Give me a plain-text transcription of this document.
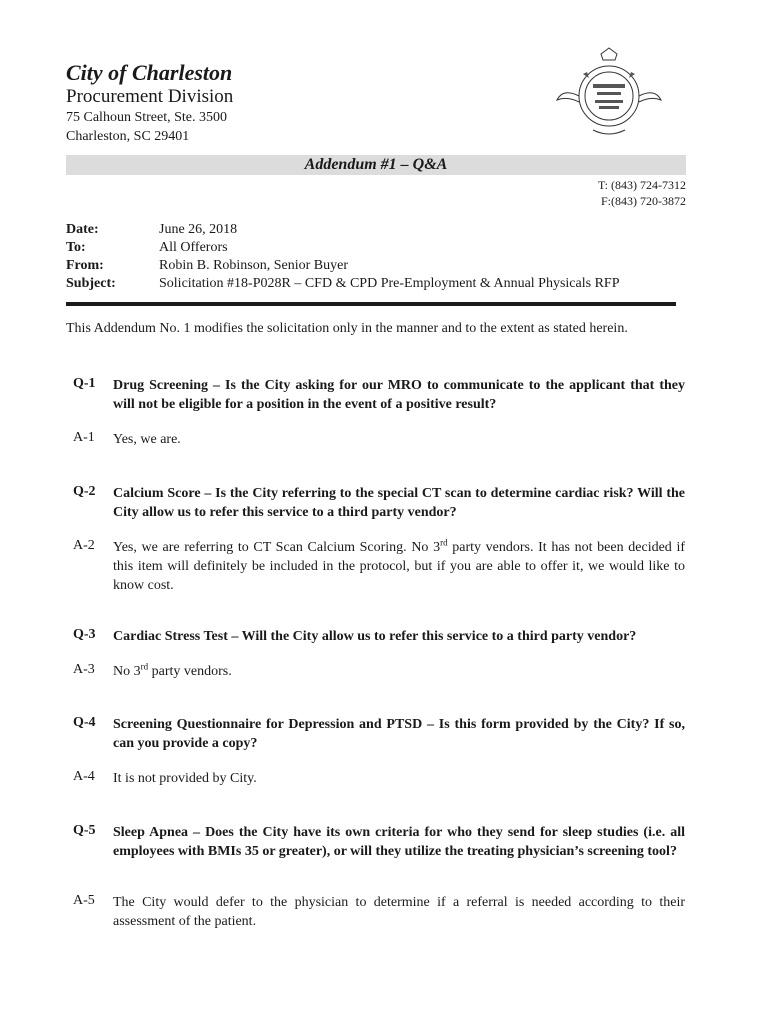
City of Charleston
Procurement Division
75 Calhoun Street, Ste. 3500
Charleston, SC 29401
Addendum #1 – Q&A
T: (843) 724-7312
F:(843) 720-3872
Date:	June 26, 2018
To:	All Offerors
From:	Robin B. Robinson, Senior Buyer
Subject:	Solicitation #18-P028R – CFD & CPD Pre-Employment & Annual Physicals RFP
This Addendum No. 1 modifies the solicitation only in the manner and to the extent as stated herein.
Q-1 Drug Screening – Is the City asking for our MRO to communicate to the applicant that they will not be eligible for a position in the event of a positive result?
A-1 Yes, we are.
Q-2 Calcium Score – Is the City referring to the special CT scan to determine cardiac risk? Will the City allow us to refer this service to a third party vendor?
A-2 Yes, we are referring to CT Scan Calcium Scoring. No 3rd party vendors. It has not been decided if this item will definitely be included in the protocol, but if you are able to offer it, we would like to know cost.
Q-3 Cardiac Stress Test – Will the City allow us to refer this service to a third party vendor?
A-3 No 3rd party vendors.
Q-4 Screening Questionnaire for Depression and PTSD – Is this form provided by the City? If so, can you provide a copy?
A-4 It is not provided by City.
Q-5 Sleep Apnea – Does the City have its own criteria for who they send for sleep studies (i.e. all employees with BMIs 35 or greater), or will they utilize the treating physician’s screening tool?
A-5 The City would defer to the physician to determine if a referral is needed according to their assessment of the patient.
